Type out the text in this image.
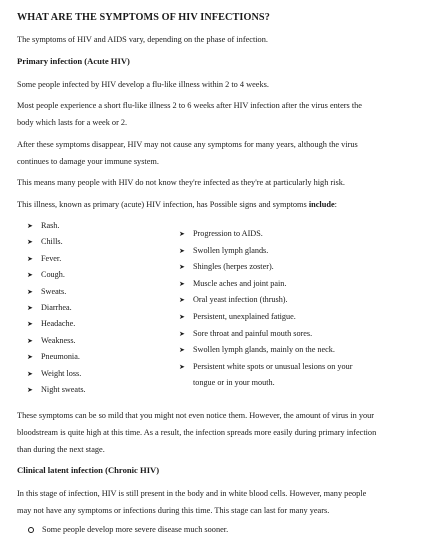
WHAT ARE THE SYMPTOMS OF HIV INFECTIONS?

The symptoms of HIV and AIDS vary, depending on the phase of infection.

Primary infection (Acute HIV)

Some people infected by HIV develop a flu-like illness within 2 to 4 weeks.

Most people experience a short flu-like illness 2 to 6 weeks after HIV infection after the virus enters the

body which lasts for a week or 2.

After these symptoms disappear, HIV may not cause any symptoms for many years, although the virus

continues to damage your immune system.

This means many people with HIV do not know they're infected as they're at particularly high risk.

This illness, known as primary (acute) HIV infection, has Possible signs and symptoms include:

➤ Rash.
➤ Chills.
➤ Fever.
➤ Cough.
➤ Sweats.
➤ Diarrhea.
➤ Headache.
➤ Weakness.
➤ Pneumonia.
➤ Weight loss.
➤ Night sweats.
➤ Progression to AIDS.
➤ Swollen lymph glands.
➤ Shingles (herpes zoster).
➤ Muscle aches and joint pain.
➤ Oral yeast infection (thrush).
➤ Persistent, unexplained fatigue.
➤ Sore throat and painful mouth sores.
➤ Swollen lymph glands, mainly on the neck.
➤ Persistent white spots or unusual lesions on your
tongue or in your mouth.

These symptoms can be so mild that you might not even notice them. However, the amount of virus in your

bloodstream is quite high at this time. As a result, the infection spreads more easily during primary infection

than during the next stage.

Clinical latent infection (Chronic HIV)

In this stage of infection, HIV is still present in the body and in white blood cells. However, many people

may not have any symptoms or infections during this time. This stage can last for many years.

Some people develop more severe disease much sooner.
